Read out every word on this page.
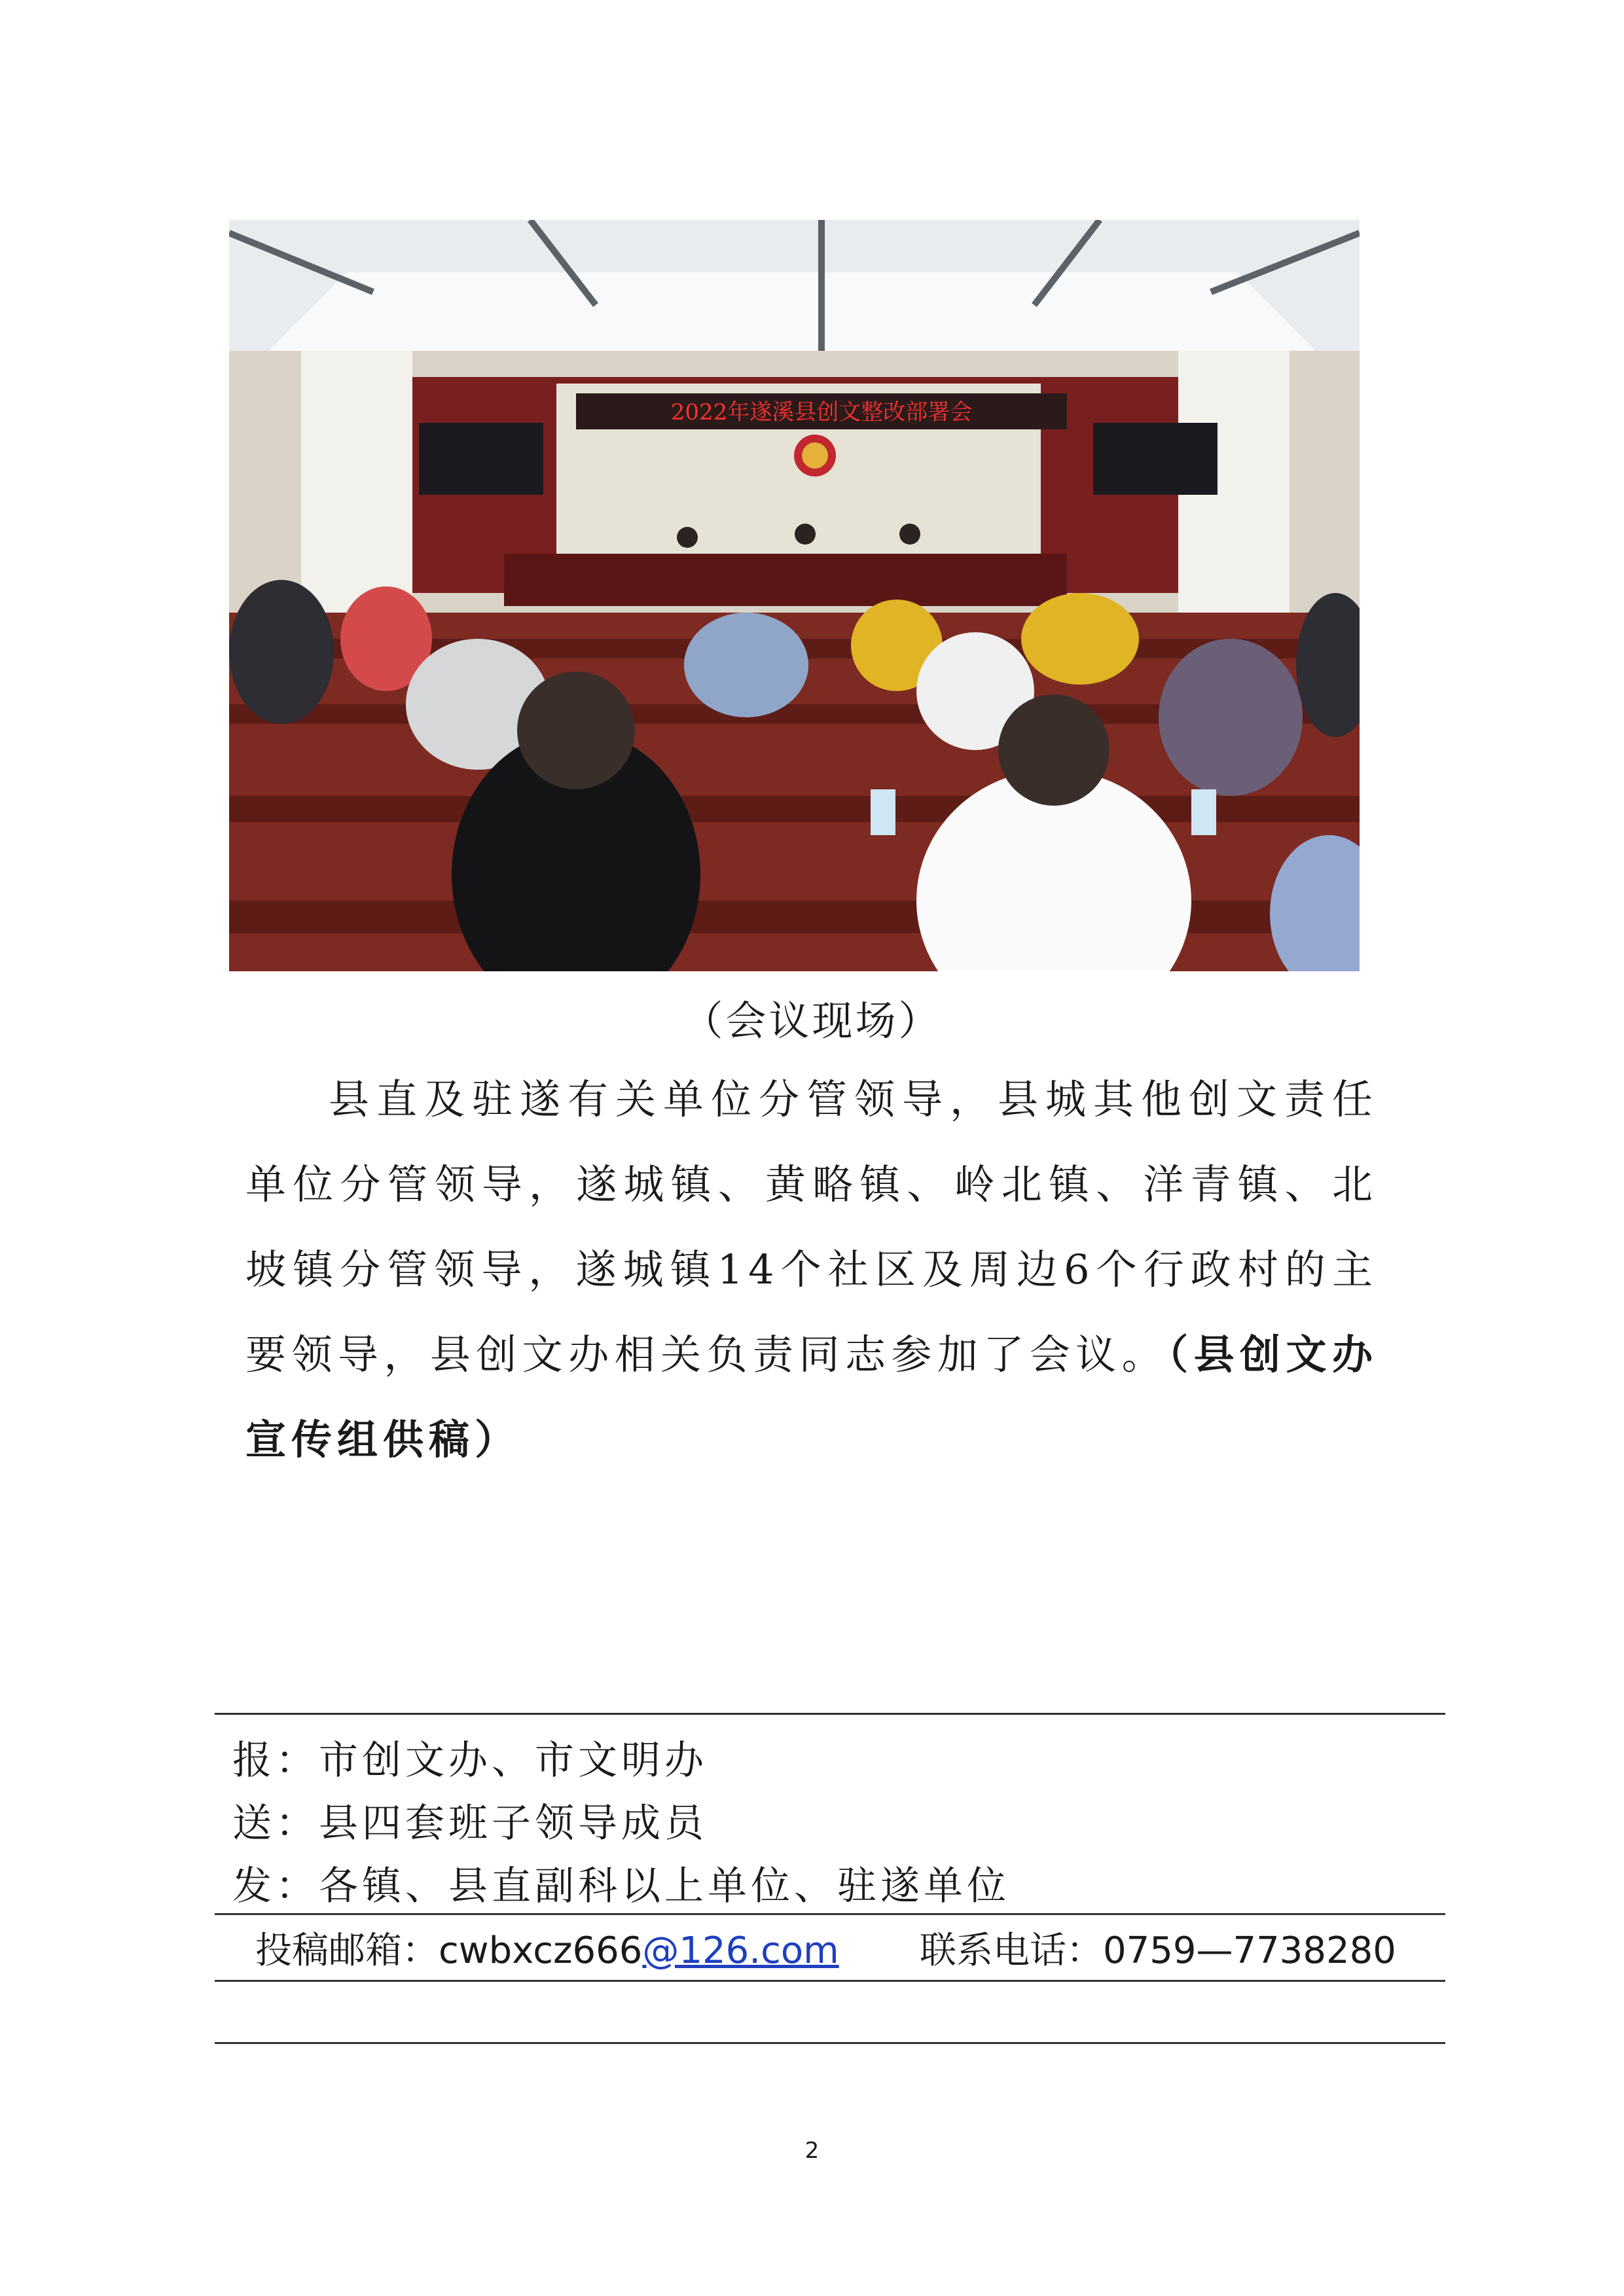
2022年遂溪县创文整改部署会
（会议现场）
县直及驻遂有关单位分管领导，县城其他创文责任单位分管领导，遂城镇、黄略镇、岭北镇、洋青镇、北坡镇分管领导，遂城镇14个社区及周边6个行政村的主要领导，县创文办相关负责同志参加了会议。（县创文办宣传组供稿）
报：市创文办、市文明办
送：县四套班子领导成员
发：各镇、县直副科以上单位、驻遂单位
投稿邮箱：cwbxcz666@126.com 联系电话：0759—7738280
2
